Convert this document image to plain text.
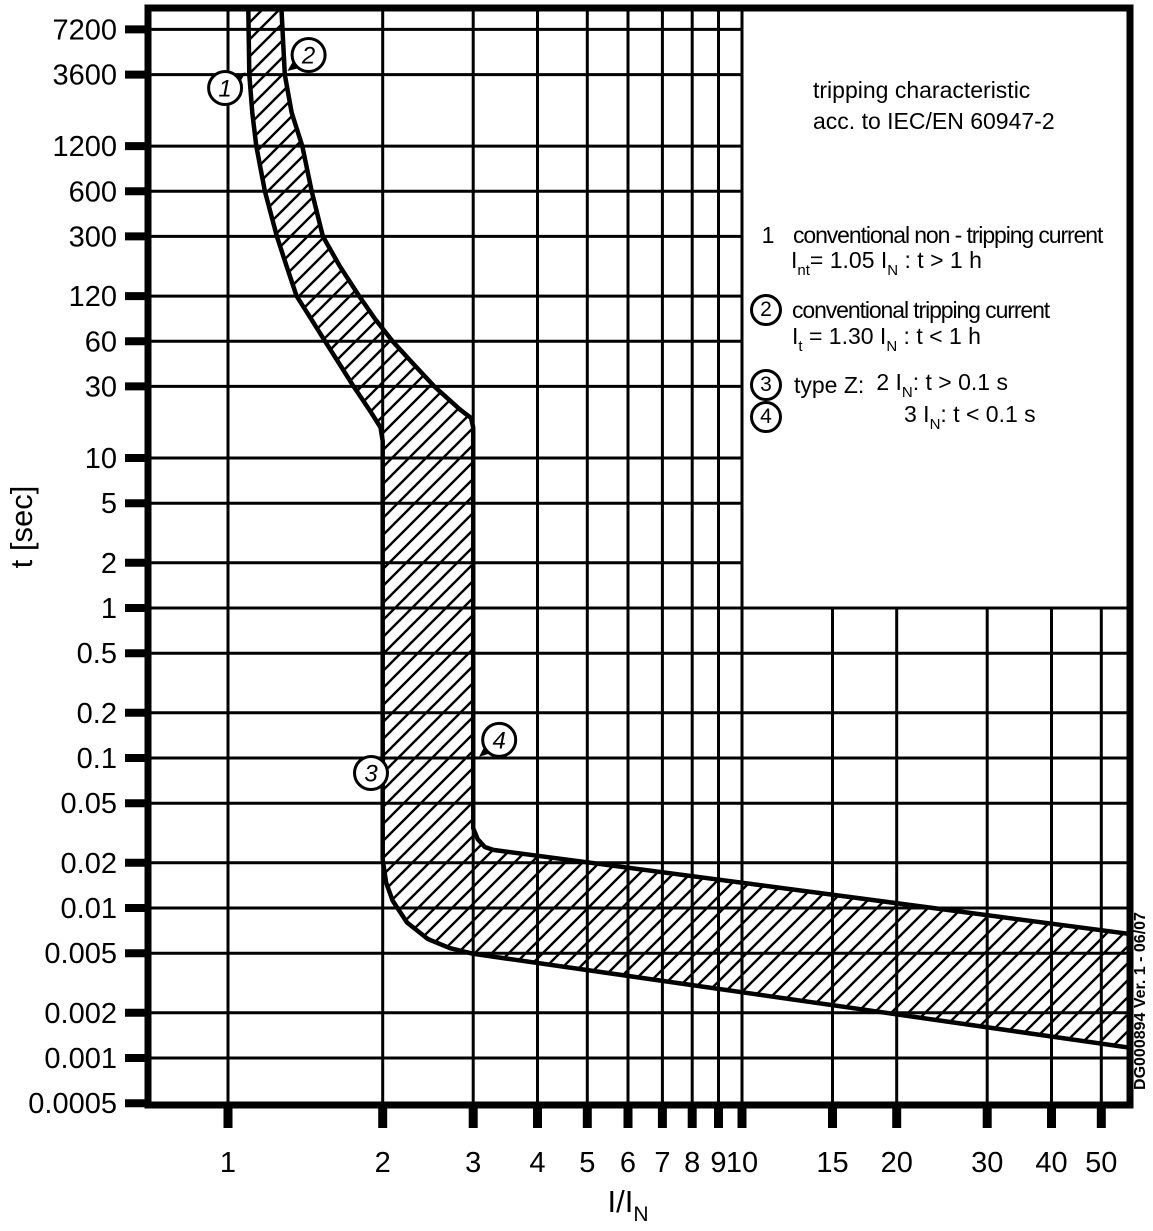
1
2
3
4
7200
3600
1200
600
300
120
60
30
10
5
2
1
0.5
0.2
0.1
0.05
0.02
0.01
0.005
0.002
0.001
0.0005
1	2	3 4 5 6 7 8 9 10 15 20 30 40 50
t [sec]
$I/I_N$
DG000894 Ver. 1 - 06/07
tripping characteristic
acc. to IEC/EN 60947-2
1 conventional non - tripping current
$I_{nt}= 1.05$ $I_N$ : t > 1 h
2 conventional tripping current
$I_t = 1.30$ $I_N$ : t < 1 h
3 type Z: 2 $I_N$: t > 0.1 s
4	3 $I_N$: t < 0.1 s
